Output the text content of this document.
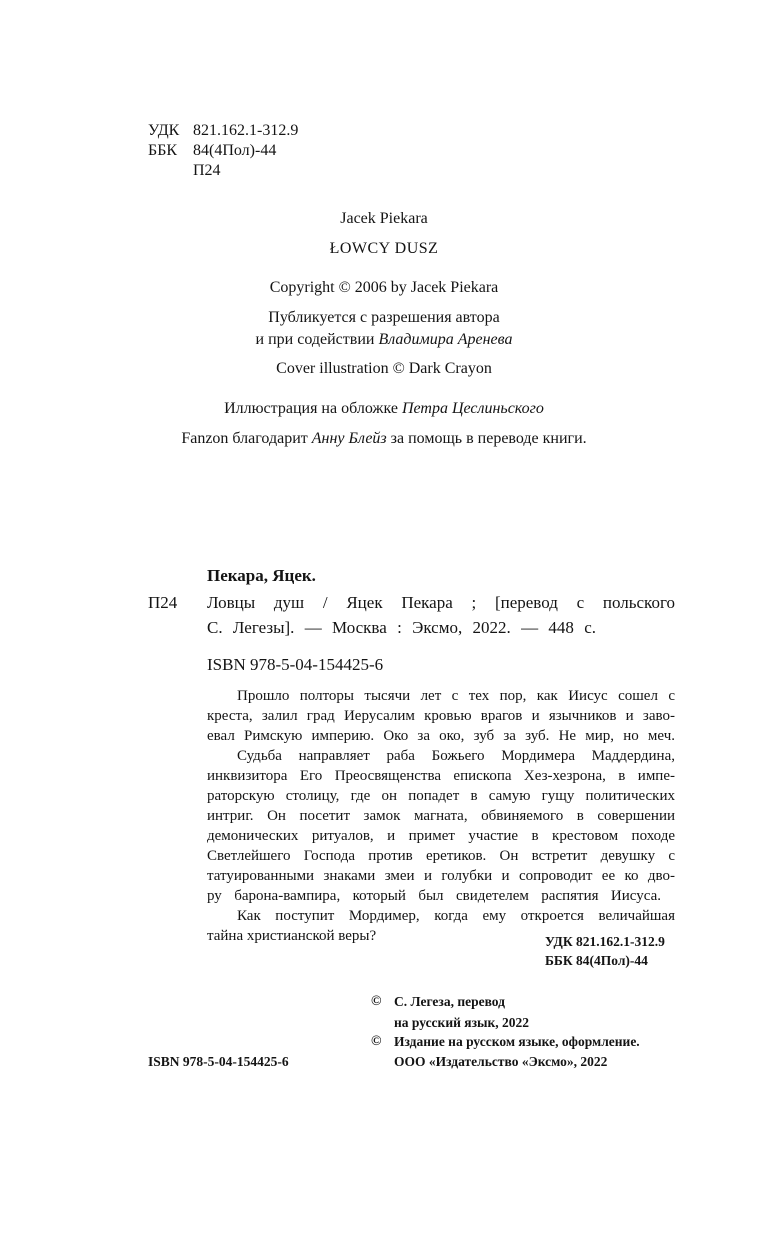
УДК 821.162.1-312.9
ББК 84(4Пол)-44
П24
Jacek Piekara
ŁOWCY DUSZ
Copyright © 2006 by Jacek Piekara
Публикуется с разрешения автора
и при содействии Владимира Аренева
Cover illustration © Dark Crayon
Иллюстрация на обложке Петра Цеслиньского
Fanzon благодарит Анну Блейз за помощь в переводе книги.
Пекара, Яцек.
П24 Ловцы душ / Яцек Пекара ; [перевод с польского
С. Легезы]. — Москва : Эксмо, 2022. — 448 с.
ISBN 978-5-04-154425-6
Прошло полторы тысячи лет с тех пор, как Иисус сошел с
креста, залил град Иерусалим кровью врагов и язычников и заво-
евал Римскую империю. Око за око, зуб за зуб. Не мир, но меч.
Судьба направляет раба Божьего Мордимера Маддердина,
инквизитора Его Преосвященства епископа Хез-хезрона, в импе-
раторскую столицу, где он попадет в самую гущу политических
интриг. Он посетит замок магната, обвиняемого в совершении
демонических ритуалов, и примет участие в крестовом походе
Светлейшего Господа против еретиков. Он встретит девушку с
татуированными знаками змеи и голубки и сопроводит ее ко дво-
ру барона-вампира, который был свидетелем распятия Иисуса.
Как поступит Мордимер, когда ему откроется величайшая
тайна христианской веры?	УДК 821.162.1-312.9
ББК 84(4Пол)-44
© С. Легеза, перевод
на русский язык, 2022
© Издание на русском языке, оформление.
ООО «Издательство «Эксмо», 2022
ISBN 978-5-04-154425-6
